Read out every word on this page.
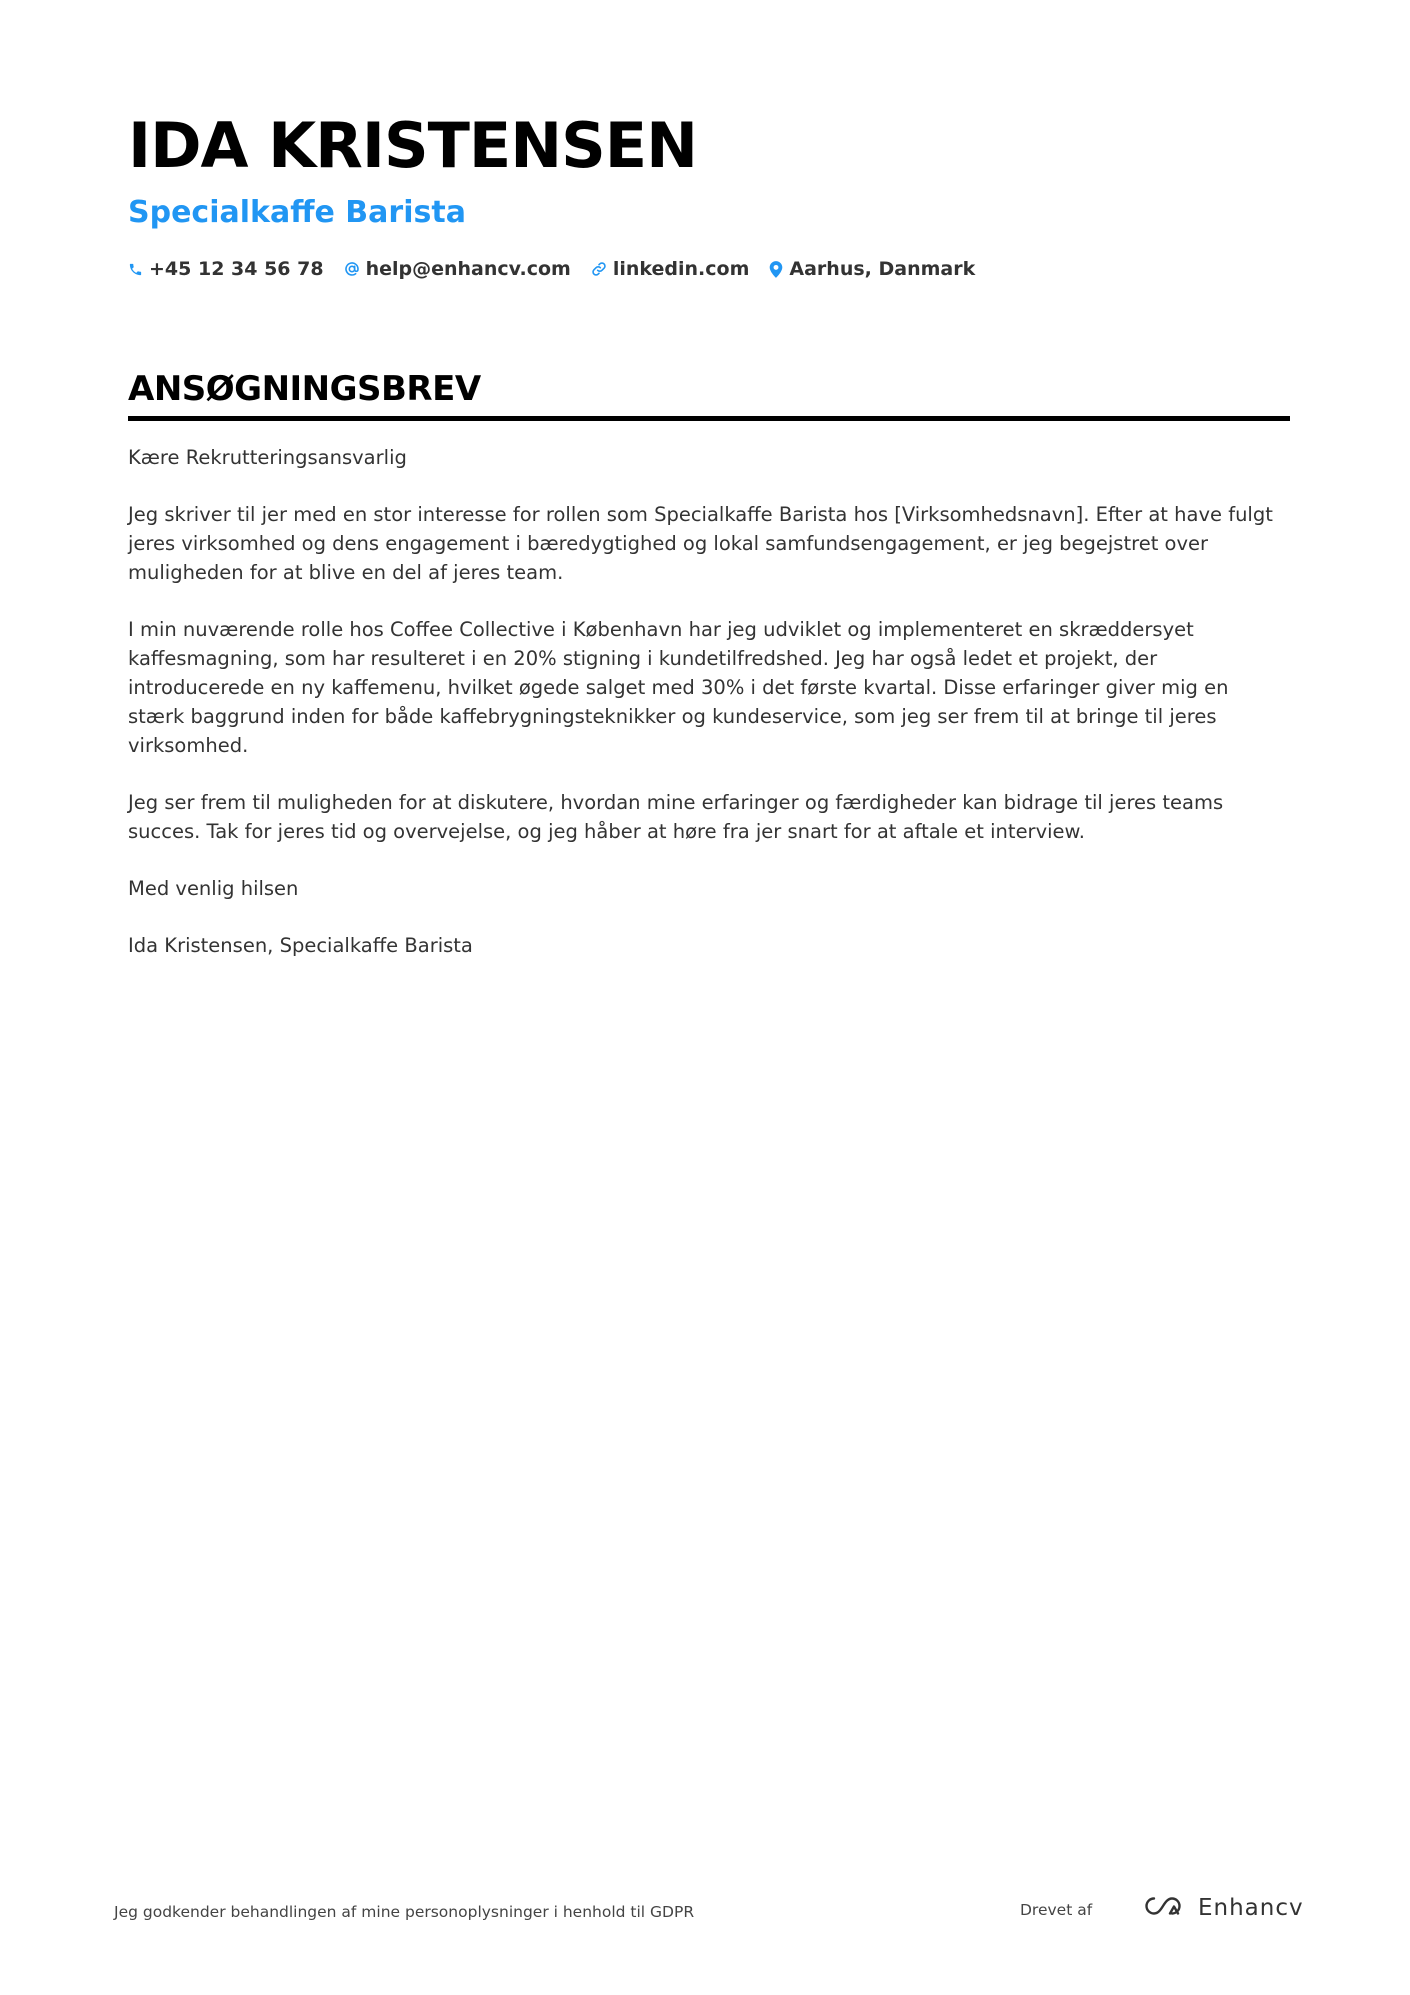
IDA KRISTENSEN
Specialkaffe Barista
+45 12 34 56 78 help@enhancv.com linkedin.com Aarhus, Danmark
ANSØGNINGSBREV

Kære Rekrutteringsansvarlig

Jeg skriver til jer med en stor interesse for rollen som Specialkaffe Barista hos [Virksomhedsnavn]. Efter at have fulgt jeres virksomhed og dens engagement i bæredygtighed og lokal samfundsengagement, er jeg begejstret over muligheden for at blive en del af jeres team.

I min nuværende rolle hos Coffee Collective i København har jeg udviklet og implementeret en skræddersyet kaffesmagning, som har resulteret i en 20% stigning i kundetilfredshed. Jeg har også ledet et projekt, der introducerede en ny kaffemenu, hvilket øgede salget med 30% i det første kvartal. Disse erfaringer giver mig en stærk baggrund inden for både kaffebrygningsteknikker og kundeservice, som jeg ser frem til at bringe til jeres virksomhed.

Jeg ser frem til muligheden for at diskutere, hvordan mine erfaringer og færdigheder kan bidrage til jeres teams succes. Tak for jeres tid og overvejelse, og jeg håber at høre fra jer snart for at aftale et interview.

Med venlig hilsen

Ida Kristensen, Specialkaffe Barista

Jeg godkender behandlingen af mine personoplysninger i henhold til GDPR	Drevet af	Enhancv
